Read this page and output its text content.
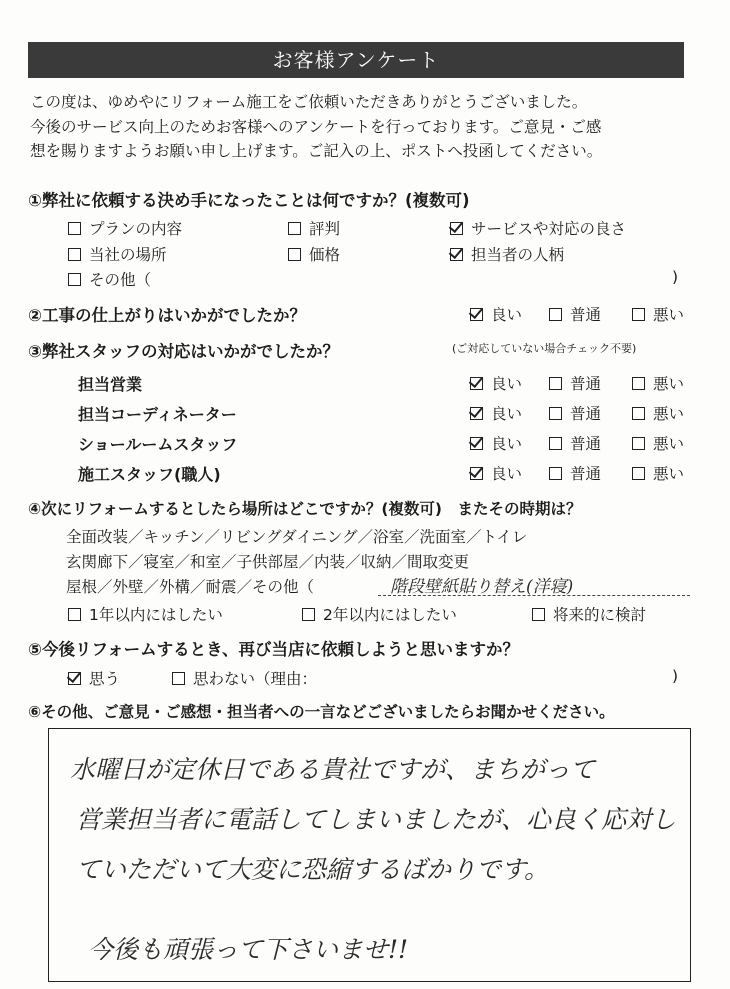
お客様アンケート
この度は、ゆめやにリフォーム施工をご依頼いただきありがとうございました。
今後のサービス向上のためお客様へのアンケートを行っております。ご意見・ご感
想を賜りますようお願い申し上げます。ご記入の上、ポストへ投函してください。
①弊社に依頼する決め手になったことは何ですか？(複数可)
プランの内容	評判	サービスや対応の良さ
当社の場所	価格	担当者の人柄
その他（	)
②工事の仕上がりはいかがでしたか？	良い	普通	悪い
③弊社スタッフの対応はいかがでしたか？	(ご対応していない場合チェック不要)
担当営業	良い	普通	悪い
担当コーディネーター	良い	普通	悪い
ショールームスタッフ	良い	普通	悪い
施工スタッフ(職人)	良い	普通	悪い
④次にリフォームするとしたら場所はどこですか？(複数可)　またその時期は？
全面改装／キッチン／リビングダイニング／浴室／洗面室／トイレ
玄関廊下／寝室／和室／子供部屋／内装／収納／間取変更
屋根／外壁／外構／耐震／その他（	階段壁紙貼り替え(洋寝)
1年以内にはしたい	2年以内にはしたい	将来的に検討
⑤今後リフォームするとき、再び当店に依頼しようと思いますか？
思う	思わない（理由：	)
⑥その他、ご意見・ご感想・担当者への一言などございましたらお聞かせください。
水曜日が定休日である貴社ですが、まちがって
営業担当者に電話してしまいましたが、心良く応対し
ていただいて大変に恐縮するばかりです。
今後も頑張って下さいませ!!
